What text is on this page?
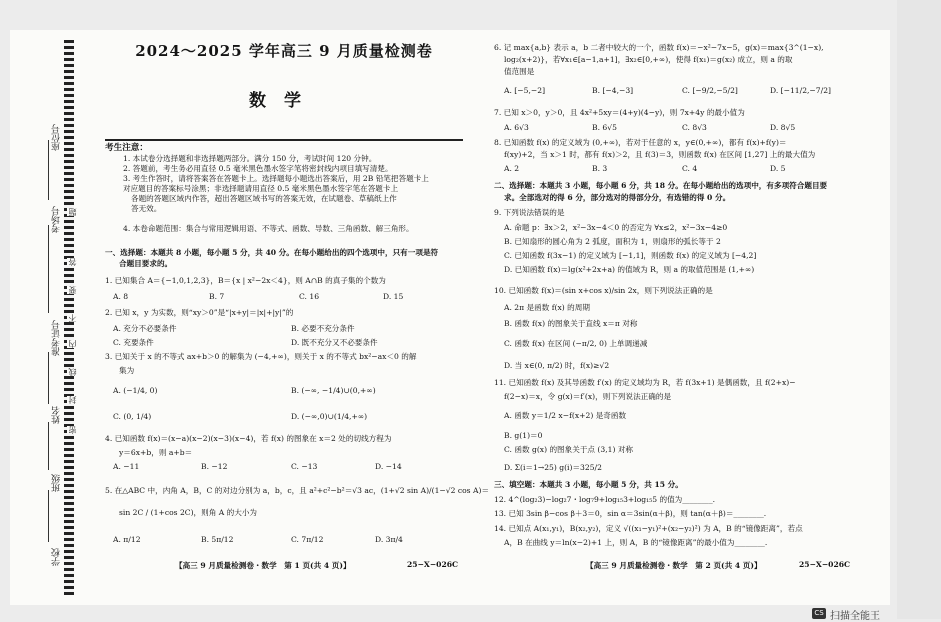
座位号
考场号
准考证号
姓名
班级
学校
题
答
要
不
内
线
封
密
2024～2025 学年高三 9 月质量检测卷
数学
考生注意：
1. 本试卷分选择题和非选择题两部分。满分 150 分，考试时间 120 分钟。
2. 答题前，考生务必用直径 0.5 毫米黑色墨水签字笔将密封线内项目填写清楚。
3. 考生作答时，请将答案答在答题卡上。选择题每小题选出答案后，用 2B 铅笔把答题卡上
对应题目的答案标号涂黑；非选择题请用直径 0.5 毫米黑色墨水签字笔在答题卡上
各题的答题区域内作答，超出答题区域书写的答案无效，在试题卷、草稿纸上作
答无效。
4. 本卷命题范围：集合与常用逻辑用语、不等式、函数、导数、三角函数、解三角形。
一、选择题：本题共 8 小题，每小题 5 分，共 40 分。在每小题给出的四个选项中，只有一项是符
合题目要求的。
1. 已知集合 A＝{−1,0,1,2,3}，B＝{x | x²−2x＜4}，则 A∩B 的真子集的个数为
A. 8	B. 7	C. 16	D. 15
2. 已知 x，y 为实数，则“xy＞0”是“|x+y|＝|x|+|y|”的
A. 充分不必要条件	B. 必要不充分条件
C. 充要条件	D. 既不充分又不必要条件
3. 已知关于 x 的不等式 ax+b＞0 的解集为 (−4,+∞)，则关于 x 的不等式 bx²−ax＜0 的解
集为
A. (−1/4, 0)	B. (−∞, −1/4)∪(0,+∞)
C. (0, 1/4)	D. (−∞,0)∪(1/4,+∞)
4. 已知函数 f(x)＝(x−a)(x−2)(x−3)(x−4)，若 f(x) 的图象在 x＝2 处的切线方程为
y＝6x+b，则 a+b＝
A. −11	B. −12	C. −13	D. −14
5. 在△ABC 中，内角 A，B，C 的对边分别为 a，b，c，且 a²+c²−b²＝√3 ac，(1+√2 sin A)/(1−√2 cos A)＝
sin 2C / (1+cos 2C)，则角 A 的大小为
A. π/12	B. 5π/12	C. 7π/12	D. 3π/4
【高三 9 月质量检测卷・数学　第 1 页(共 4 页)】	25−X−026C
6. 记 max{a,b} 表示 a，b 二者中较大的一个，函数 f(x)＝−x²−7x−5，g(x)＝max{3^(1−x),
log₂(x+2)}，若∀x₁∈[a−1,a+1]，∃x₂∈[0,+∞)，使得 f(x₁)＝g(x₂) 成立，则 a 的取
值范围是
A. [−5,−2]	B. [−4,−3]	C. [−9/2,−5/2]	D. [−11/2,−7/2]
7. 已知 x＞0，y＞0，且 4x²+5xy＝(4+y)(4−y)，则 7x+4y 的最小值为
A. 6√3	B. 6√5	C. 8√3	D. 8√5
8. 已知函数 f(x) 的定义域为 (0,+∞)，若对于任意的 x，y∈(0,+∞)，都有 f(x)+f(y)＝
f(xy)+2，当 x＞1 时，都有 f(x)＞2，且 f(3)＝3，则函数 f(x) 在区间 [1,27] 上的最大值为
A. 2	B. 3	C. 4	D. 5
二、选择题：本题共 3 小题，每小题 6 分，共 18 分。在每小题给出的选项中，有多项符合题目要
求。全部选对的得 6 分，部分选对的得部分分，有选错的得 0 分。
9. 下列说法错误的是
A. 命题 p：∃x＞2，x²−3x−4＜0 的否定为 ∀x≤2，x²−3x−4≥0
B. 已知扇形的圆心角为 2 弧度，面积为 1，则扇形的弧长等于 2
C. 已知函数 f(3x−1) 的定义域为 [−1,1]，则函数 f(x) 的定义域为 [−4,2]
D. 已知函数 f(x)＝lg(x²+2x+a) 的值域为 R，则 a 的取值范围是 (1,+∞)
10. 已知函数 f(x)＝(sin x+cos x)/sin 2x，则下列说法正确的是
A. 2π 是函数 f(x) 的周期
B. 函数 f(x) 的图象关于直线 x＝π 对称
C. 函数 f(x) 在区间 (−π/2, 0) 上单调递减
D. 当 x∈(0, π/2) 时，f(x)≥√2
11. 已知函数 f(x) 及其导函数 f′(x) 的定义域均为 R，若 f(3x+1) 是偶函数，且 f(2+x)−
f(2−x)＝x，令 g(x)＝f′(x)，则下列说法正确的是
A. 函数 y＝1/2 x−f(x+2) 是奇函数
B. g(1)＝0
C. 函数 g(x) 的图象关于点 (3,1) 对称
D. Σ(i＝1→25) g(i)＝325/2
三、填空题：本题共 3 小题，每小题 5 分，共 15 分。
12. 4^(log₂3)−log₂7・log₇9+log₁₅3+log₁₅5 的值为________.
13. 已知 3sin β−cos β＋3＝0，sin α＝3sin(α＋β)，则 tan(α＋β)＝________.
14. 已知点 A(x₁,y₁)，B(x₂,y₂)，定义 √((x₁−y₁)²+(x₂−y₂)²) 为 A，B 的“镜像距离”，若点
A，B 在曲线 y＝ln(x−2)+1 上，则 A，B 的“镜像距离”的最小值为________.
【高三 9 月质量检测卷・数学　第 2 页(共 4 页)】	25−X−026C
CS 扫描全能王
